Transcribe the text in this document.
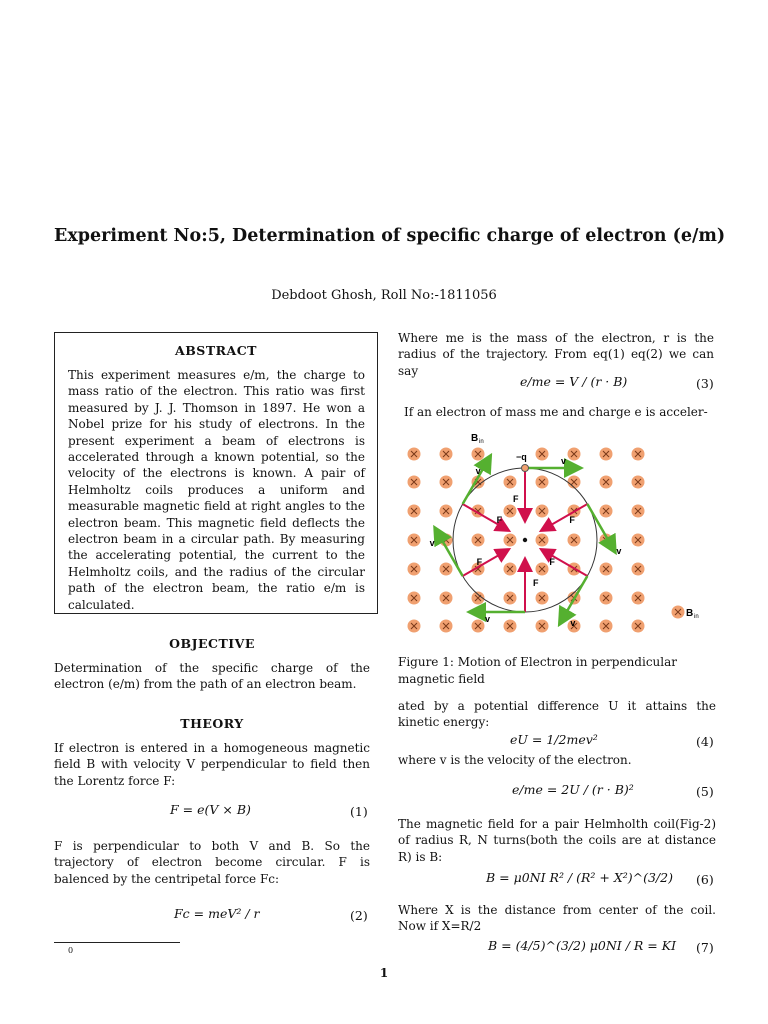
Experiment No:5, Determination of specific charge of electron (e/m)
Debdoot Ghosh, Roll No:-1811056
ABSTRACT
This experiment measures e/m, the charge to mass ratio of the electron. This ratio was first measured by J. J. Thomson in 1897. He won a Nobel prize for his study of electrons. In the present experiment a beam of electrons is accelerated through a known potential, so the velocity of the electrons is known. A pair of Helmholtz coils produces a uniform and measurable magnetic field at right angles to the electron beam. This magnetic field deflects the electron beam in a circular path. By measuring the accelerating potential, the current to the Helmholtz coils, and the radius of the circular path of the electron beam, the ratio e/m is calculated.
OBJECTIVE
Determination of the specific charge of the electron (e/m) from the path of an electron beam.
THEORY
If electron is entered in a homogeneous magnetic field B with velocity V perpendicular to field then the Lorentz force F:
F = e(V × B)	(1)
F is perpendicular to both V and B. So the trajectory of electron become circular. F is balenced by the centripetal force Fc:
Fc = meV² / r	(2)
0
Where me is the mass of the electron, r is the radius of the trajectory. From eq(1) eq(2) we can say
e/me = V / (r · B)	(3)
If an electron of mass me and charge e is acceler-
F
v
F
v
F
v
F
v
F
v
F
v
B in
−q
B in
Figure 1: Motion of Electron in perpendicular magnetic field
ated by a potential difference U it attains the kinetic energy:
eU = 1/2mev²	(4)
where v is the velocity of the electron.
e/me = 2U / (r · B)²	(5)
The magnetic field for a pair Helmholth coil(Fig-2) of radius R, N turns(both the coils are at distance R) is B:
B = μ0NI R² / (R² + X²)^(3/2) (6)
Where X is the distance from center of the coil. Now if X=R/2
B = (4/5)^(3/2) μ0NI / R = KI (7)
1
